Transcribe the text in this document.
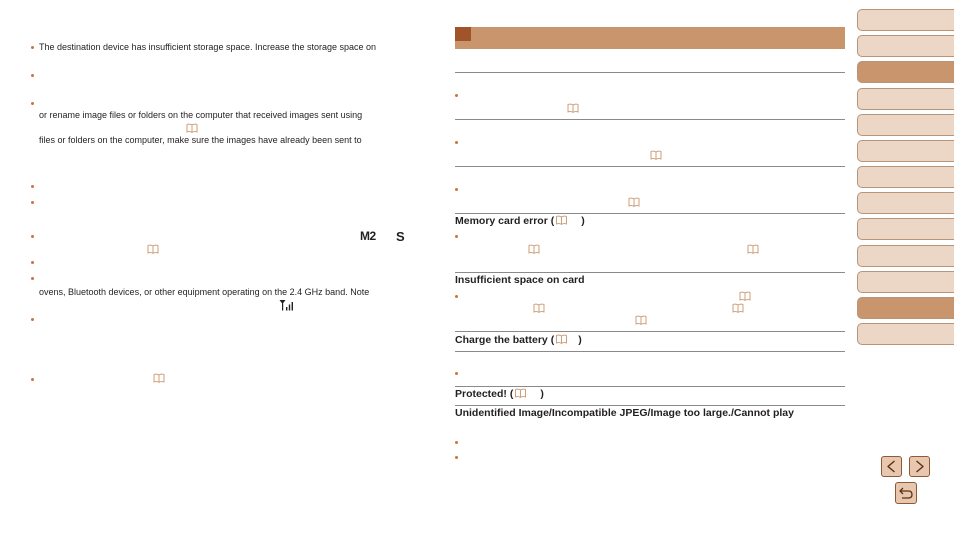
The destination device has insufficient storage space. Increase the storage space on
or rename image files or folders on the computer that received images sent using
files or folders on the computer, make sure the images have already been sent to
M2 S
ovens, Bluetooth devices, or other equipment operating on the 2.4 GHz band. Note
Memory card error (	)
Insufficient space on card
Charge the battery ( )
Protected! (	)
Unidentified Image/Incompatible JPEG/Image too large./Cannot play
